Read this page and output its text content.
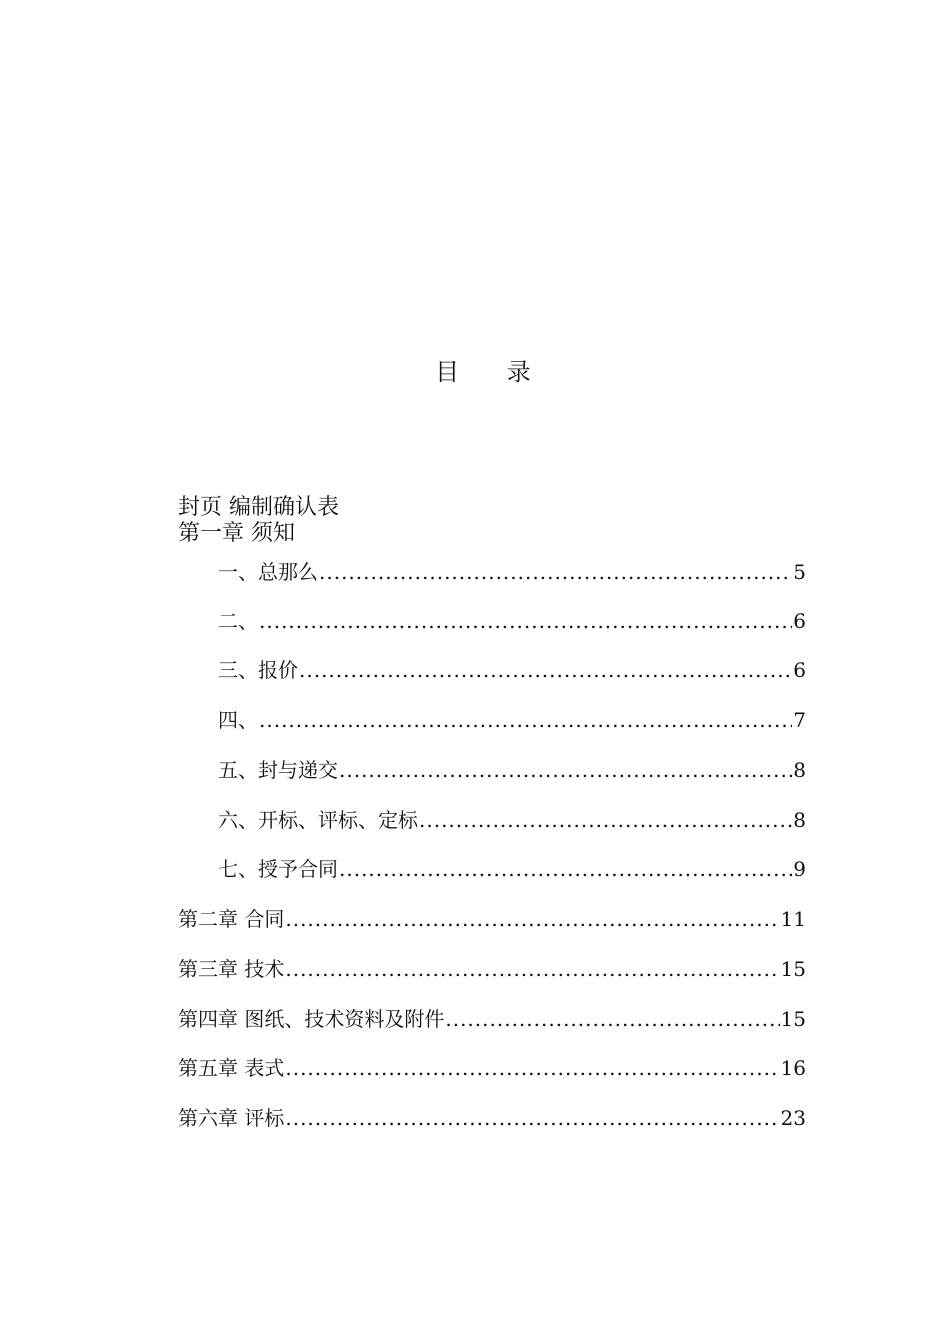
目 录
封页 编制确认表
第一章 须知
一、总那么 .....	5
二、 .....	6
三、报价 .....	6
四、 .....	7
五、封与递交 .....	8
六、开标、评标、定标 .....	8
七、授予合同 .....	9
第二章 合同 .....	11
第三章 技术 .....	15
第四章 图纸、技术资料及附件 .....	15
第五章 表式 .....	16
第六章 评标 .....	23
